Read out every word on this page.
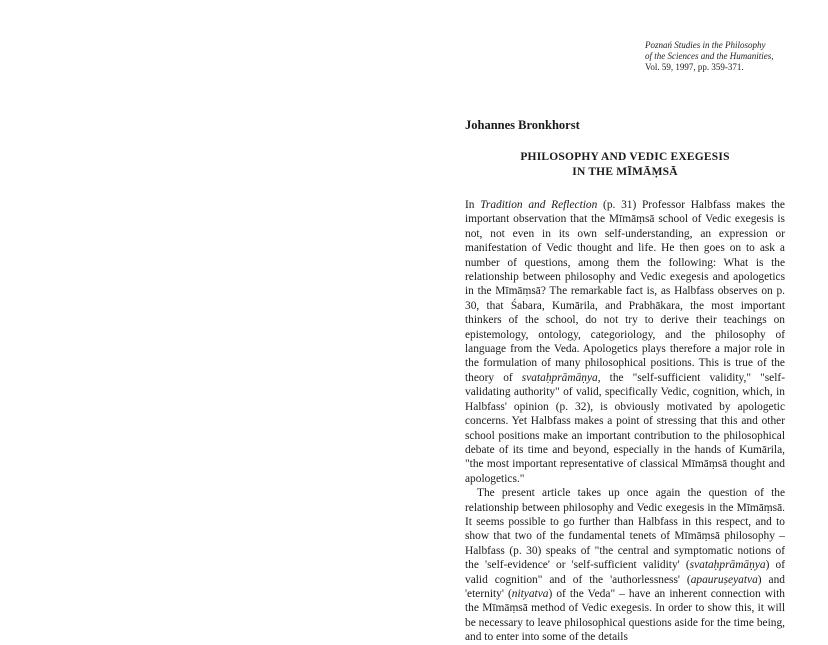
Poznań Studies in the Philosophy
of the Sciences and the Humanities,
Vol. 59, 1997, pp. 359-371.
Johannes Bronkhorst
PHILOSOPHY AND VEDIC EXEGESIS
IN THE MĪMĀṂSĀ

In Tradition and Reflection (p. 31) Professor Halbfass makes the important observation that the Mīmāṃsā school of Vedic exegesis is not, not even in its own self-understanding, an expression or manifestation of Vedic thought and life. He then goes on to ask a number of questions, among them the following: What is the relationship between philosophy and Vedic exegesis and apologetics in the Mīmāṃsā? The remarkable fact is, as Halbfass observes on p. 30, that Śabara, Kumārila, and Prabhākara, the most important thinkers of the school, do not try to derive their teachings on epistemology, ontology, categoriology, and the philosophy of language from the Veda. Apologetics plays therefore a major role in the formulation of many philosophical positions. This is true of the theory of svataḥprāmāṇya, the "self-sufficient validity," "self-validating authority" of valid, specifically Vedic, cognition, which, in Halbfass' opinion (p. 32), is obviously motivated by apologetic concerns. Yet Halbfass makes a point of stressing that this and other school positions make an important contribution to the philosophical debate of its time and beyond, especially in the hands of Kumārila, "the most important representative of classical Mīmāṃsā thought and apologetics."

The present article takes up once again the question of the relationship between philosophy and Vedic exegesis in the Mīmāṃsā. It seems possible to go further than Halbfass in this respect, and to show that two of the fundamental tenets of Mīmāṃsā philosophy – Halbfass (p. 30) speaks of "the central and symptomatic notions of the 'self-evidence' or 'self-sufficient validity' (svataḥprāmāṇya) of valid cognition" and of the 'authorlessness' (apauruṣeyatva) and 'eternity' (nityatva) of the Veda" – have an inherent connection with the Mīmāṃsā method of Vedic exegesis. In order to show this, it will be necessary to leave philosophical questions aside for the time being, and to enter into some of the details
